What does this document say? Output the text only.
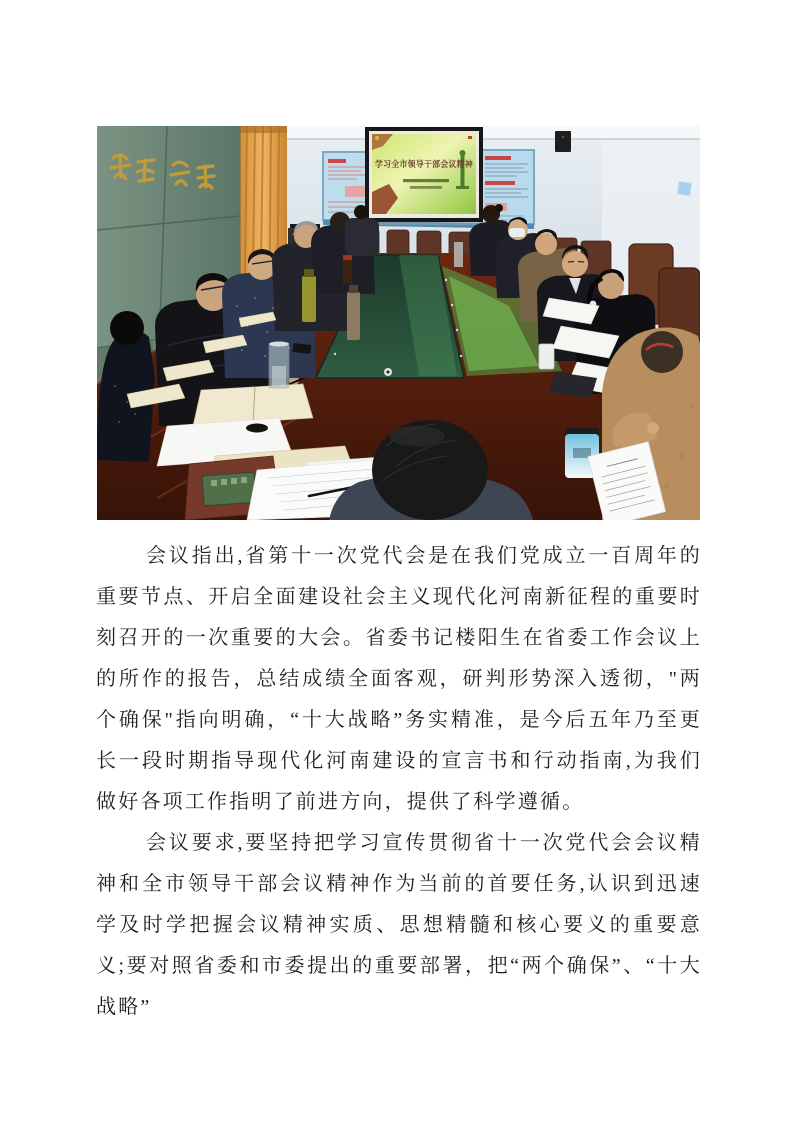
学习全市领导干部会议精神

会议指出,省第十一次党代会是在我们党成立一百周年的重要节点、开启全面建设社会主义现代化河南新征程的重要时刻召开的一次重要的大会。省委书记楼阳生在省委工作会议上的所作的报告，总结成绩全面客观，研判形势深入透彻，"两个确保"指向明确，“十大战略”务实精准，是今后五年乃至更长一段时期指导现代化河南建设的宣言书和行动指南,为我们做好各项工作指明了前进方向，提供了科学遵循。

会议要求,要坚持把学习宣传贯彻省十一次党代会会议精神和全市领导干部会议精神作为当前的首要任务,认识到迅速学及时学把握会议精神实质、思想精髓和核心要义的重要意义;要对照省委和市委提出的重要部署，把“两个确保”、“十大战略”
